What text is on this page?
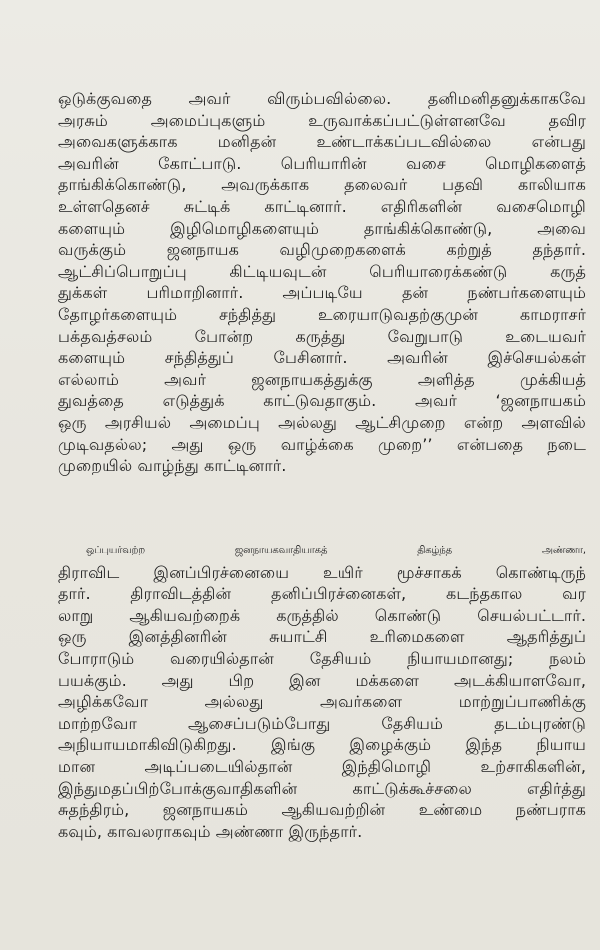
ஒடுக்குவதை அவர் விரும்பவில்லை. தனிமனிதனுக்காகவே
அரசும் அமைப்புகளும் உருவாக்கப்பட்டுள்ளனவே தவிர
அவைகளுக்காக மனிதன் உண்டாக்கப்படவில்லை என்பது
அவரின் கோட்பாடு. பெரியாரின் வசை மொழிகளைத்
தாங்கிக்கொண்டு, அவருக்காக தலைவர் பதவி காலியாக
உள்ளதெனச் சுட்டிக் காட்டினார். எதிரிகளின் வசைமொழி
களையும் இழிமொழிகளையும் தாங்கிக்கொண்டு, அவை
வருக்கும் ஜனநாயக வழிமுறைகளைக் கற்றுத் தந்தார்.
ஆட்சிப்பொறுப்பு கிட்டியவுடன் பெரியாரைக்கண்டு கருத்
துக்கள் பரிமாறினார். அப்படியே தன் நண்பர்களையும்
தோழர்களையும் சந்தித்து உரையாடுவதற்குமுன் காமராசர்
பக்தவத்சலம் போன்ற கருத்து வேறுபாடு உடையவர்
களையும் சந்தித்துப் பேசினார். அவரின் இச்செயல்கள்
எல்லாம் அவர் ஜனநாயகத்துக்கு அளித்த முக்கியத்
துவத்தை எடுத்துக் காட்டுவதாகும். அவர் ‘ஜனநாயகம்
ஒரு அரசியல் அமைப்பு அல்லது ஆட்சிமுறை என்ற அளவில்
முடிவதல்ல; அது ஒரு வாழ்க்கை முறை’’ என்பதை நடை
முறையில் வாழ்ந்து காட்டினார்.

ஒப்புயர்வற்ற ஜனநாயகவாதியாகத் திகழ்ந்த அண்ணா,
திராவிட இனப்பிரச்னையை உயிர் மூச்சாகக் கொண்டிருந்
தார். திராவிடத்தின் தனிப்பிரச்னைகள், கடந்தகால வர
லாறு ஆகியவற்றைக் கருத்தில் கொண்டு செயல்பட்டார்.
ஒரு இனத்தினரின் சுயாட்சி உரிமைகளை ஆதரித்துப்
போராடும் வரையில்தான் தேசியம் நியாயமானது; நலம்
பயக்கும். அது பிற இன மக்களை அடக்கியாளவோ,
அழிக்கவோ அல்லது அவர்களை மாற்றுப்பாணிக்கு
மாற்றவோ ஆசைப்படும்போது தேசியம் தடம்புரண்டு
அநியாயமாகிவிடுகிறது. இங்கு இழைக்கும் இந்த நியாய
மான அடிப்படையில்தான் இந்திமொழி உற்சாகிகளின்,
இந்துமதப்பிற்போக்குவாதிகளின் காட்டுக்கூச்சலை எதிர்த்து
சுதந்திரம், ஜனநாயகம் ஆகியவற்றின் உண்மை நண்பராக
கவும், காவலராகவும் அண்ணா இருந்தார்.
